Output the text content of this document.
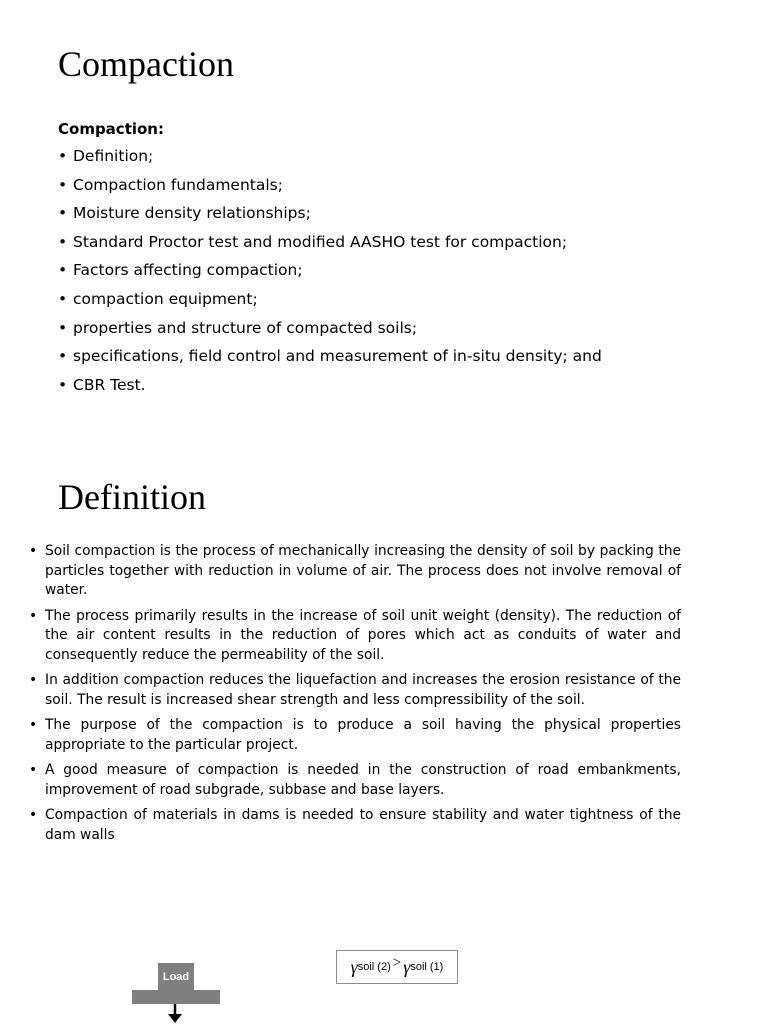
Compaction
Compaction:
• Definition;
• Compaction fundamentals;
• Moisture density relationships;
• Standard Proctor test and modified AASHO test for compaction;
• Factors affecting compaction;
• compaction equipment;
• properties and structure of compacted soils;
• specifications, field control and measurement of in-situ density; and
• CBR Test.
Definition
• Soil compaction is the process of mechanically increasing the density of soil by packing the particles together with reduction in volume of air. The process does not involve removal of water.
• The process primarily results in the increase of soil unit weight (density). The reduction of the air content results in the reduction of pores which act as conduits of water and consequently reduce the permeability of the soil.
• In addition compaction reduces the liquefaction and increases the erosion resistance of the soil. The result is increased shear strength and less compressibility of the soil.
• The purpose of the compaction is to produce a soil having the physical properties appropriate to the particular project.
• A good measure of compaction is needed in the construction of road embankments, improvement of road subgrade, subbase and base layers.
• Compaction of materials in dams is needed to ensure stability and water tightness of the dam walls
Load
γ soil (2) > γ soil (1)
